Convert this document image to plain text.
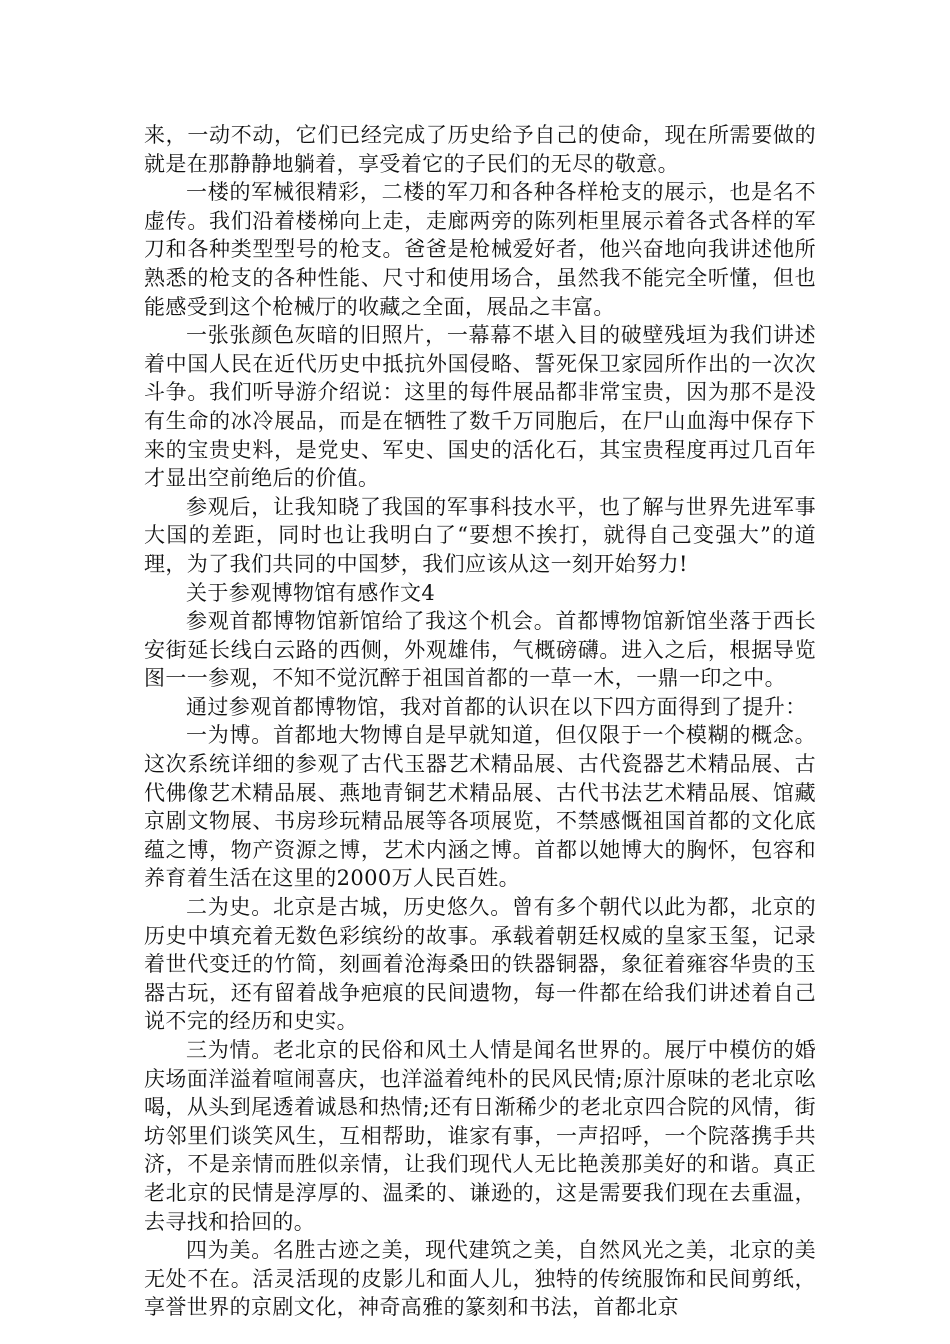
来，一动不动，它们已经完成了历史给予自己的使命，现在所需要做的就是在那静静地躺着，享受着它的子民们的无尽的敬意。

一楼的军械很精彩，二楼的军刀和各种各样枪支的展示，也是名不虚传。我们沿着楼梯向上走，走廊两旁的陈列柜里展示着各式各样的军刀和各种类型型号的枪支。爸爸是枪械爱好者，他兴奋地向我讲述他所熟悉的枪支的各种性能、尺寸和使用场合，虽然我不能完全听懂，但也能感受到这个枪械厅的收藏之全面，展品之丰富。

一张张颜色灰暗的旧照片，一幕幕不堪入目的破壁残垣为我们讲述着中国人民在近代历史中抵抗外国侵略、誓死保卫家园所作出的一次次斗争。我们听导游介绍说：这里的每件展品都非常宝贵，因为那不是没有生命的冰冷展品，而是在牺牲了数千万同胞后，在尸山血海中保存下来的宝贵史料，是党史、军史、国史的活化石，其宝贵程度再过几百年才显出空前绝后的价值。

参观后，让我知晓了我国的军事科技水平，也了解与世界先进军事大国的差距，同时也让我明白了“要想不挨打，就得自己变强大”的道理，为了我们共同的中国梦，我们应该从这一刻开始努力!

关于参观博物馆有感作文4

参观首都博物馆新馆给了我这个机会。首都博物馆新馆坐落于西长安街延长线白云路的西侧，外观雄伟，气概磅礴。进入之后，根据导览图一一参观，不知不觉沉醉于祖国首都的一草一木，一鼎一印之中。

通过参观首都博物馆，我对首都的认识在以下四方面得到了提升：

一为博。首都地大物博自是早就知道，但仅限于一个模糊的概念。这次系统详细的参观了古代玉器艺术精品展、古代瓷器艺术精品展、古代佛像艺术精品展、燕地青铜艺术精品展、古代书法艺术精品展、馆藏京剧文物展、书房珍玩精品展等各项展览，不禁感慨祖国首都的文化底蕴之博，物产资源之博，艺术内涵之博。首都以她博大的胸怀，包容和养育着生活在这里的2000万人民百姓。

二为史。北京是古城，历史悠久。曾有多个朝代以此为都，北京的历史中填充着无数色彩缤纷的故事。承载着朝廷权威的皇家玉玺，记录着世代变迁的竹简，刻画着沧海桑田的铁器铜器，象征着雍容华贵的玉器古玩，还有留着战争疤痕的民间遗物，每一件都在给我们讲述着自己说不完的经历和史实。

三为情。老北京的民俗和风土人情是闻名世界的。展厅中模仿的婚庆场面洋溢着喧闹喜庆，也洋溢着纯朴的民风民情;原汁原味的老北京吆喝，从头到尾透着诚恳和热情;还有日渐稀少的老北京四合院的风情，街坊邻里们谈笑风生，互相帮助，谁家有事，一声招呼，一个院落携手共济，不是亲情而胜似亲情，让我们现代人无比艳羡那美好的和谐。真正老北京的民情是淳厚的、温柔的、谦逊的，这是需要我们现在去重温，去寻找和拾回的。

四为美。名胜古迹之美，现代建筑之美，自然风光之美，北京的美无处不在。活灵活现的皮影儿和面人儿，独特的传统服饰和民间剪纸，享誉世界的京剧文化，神奇高雅的篆刻和书法，首都北京
